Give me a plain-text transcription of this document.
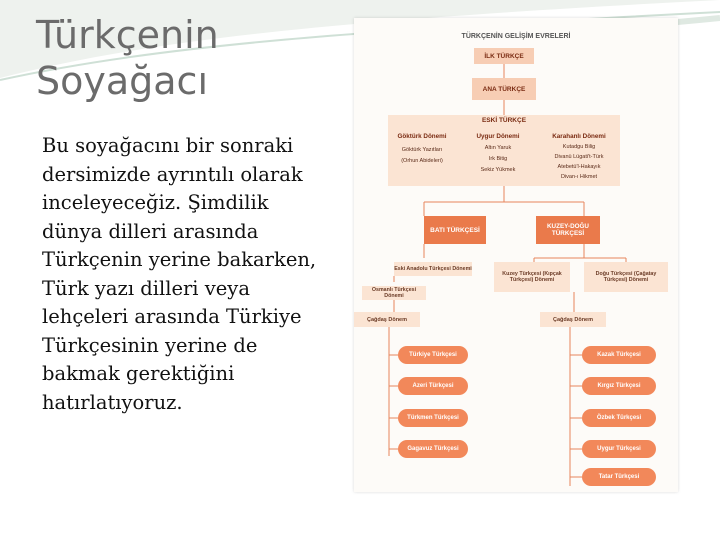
Türkçenin
Soyağacı

Bu soyağacını bir sonraki dersimizde ayrıntılı olarak inceleyeceğiz. Şimdilik dünya dilleri arasında Türkçenin yerine bakarken, Türk yazı dilleri veya lehçeleri arasında Türkiye Türkçesinin yerine de bakmak gerektiğini hatırlatıyoruz.

TÜRKÇENİN GELİŞİM EVRELERİ
İLK TÜRKÇE
ANA TÜRKÇE
ESKİ TÜRKÇE
Göktürk Dönemi
Göktürk Yazıtları
(Orhun Abideleri)
Uygur Dönemi
Altın Yaruk
Irk Bitig
Sekiz Yükmek
Karahanlı Dönemi
Kutadgu Bilig
Divanü Lügati't-Türk
Atebetü'l-Hakayık
Divan-ı Hikmet
BATI TÜRKÇESİ	KUZEY-DOĞU TÜRKÇESİ
Eski Anadolu Türkçesi Dönemi
Osmanlı Türkçesi Dönemi
Çağdaş Dönem
Kuzey Türkçesi (Kıpçak Türkçesi) Dönemi
Doğu Türkçesi (Çağatay Türkçesi) Dönemi
Çağdaş Dönem
Türkiye Türkçesi
Azeri Türkçesi
Türkmen Türkçesi
Gagavuz Türkçesi
Kazak Türkçesi
Kırgız Türkçesi
Özbek Türkçesi
Uygur Türkçesi
Tatar Türkçesi
